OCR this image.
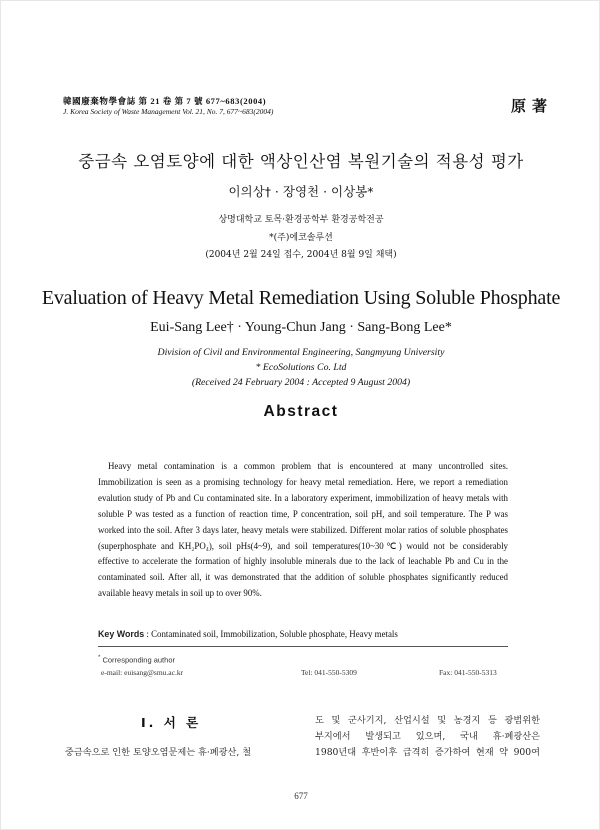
韓國廢棄物學會誌 第 21 卷 第 7 號 677~683(2004)
J. Korea Society of Waste Management Vol. 21, No. 7, 677~683(2004)	原著
중금속 오염토양에 대한 액상인산염 복원기술의 적용성 평가
이의상† · 장영천 · 이상봉*
상명대학교 토목·환경공학부 환경공학전공
*(주)에코솔루션
(2004년 2월 24일 접수, 2004년 8월 9일 채택)
Evaluation of Heavy Metal Remediation Using Soluble Phosphate
Eui-Sang Lee† · Young-Chun Jang · Sang-Bong Lee*
Division of Civil and Environmental Engineering, Sangmyung University
* EcoSolutions Co. Ltd
(Received 24 February 2004 : Accepted 9 August 2004)
Abstract
Heavy metal contamination is a common problem that is encountered at many uncontrolled sites. Immobilization is seen as a promising technology for heavy metal remediation. Here, we report a remediation evalution study of Pb and Cu contaminated site. In a laboratory experiment, immobilization of heavy metals with soluble P was tested as a function of reaction time, P concentration, soil pH, and soil temperature. The P was worked into the soil. After 3 days later, heavy metals were stabilized. Different molar ratios of soluble phosphates (superphosphate and KH₂PO₄), soil pHs(4~9), and soil temperatures(10~30℃) would not be considerably effective to accelerate the formation of highly insoluble minerals due to the lack of leachable Pb and Cu in the contaminated soil. After all, it was demonstrated that the addition of soluble phosphates significantly reduced available heavy metals in soil up to over 90%.
Key Words : Contaminated soil, Immobilization, Soluble phosphate, Heavy metals
* Corresponding author
e-mail: euisang@smu.ac.kr	Tel: 041-550-5309	Fax: 041-550-5313
Ⅰ. 서 론
중금속으로 인한 토양오염문제는 휴·폐광산, 철
도 및 군사기지, 산업시설 및 농경지 등 광범위한
부지에서 발생되고 있으며, 국내 휴·폐광산은
1980년대 후반이후 급격히 증가하여 현재 약 900여
677
